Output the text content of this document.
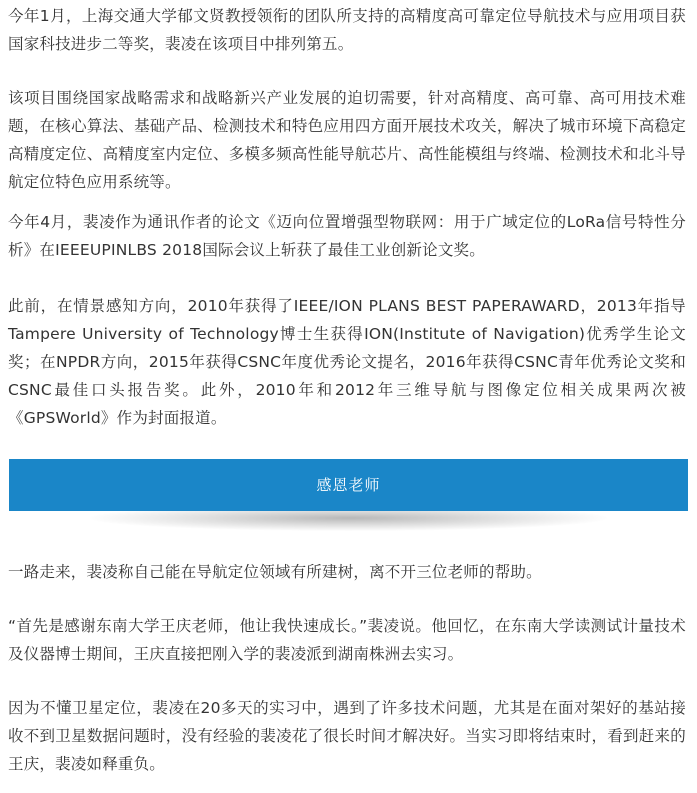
今年1月，上海交通大学郁文贤教授领衔的团队所支持的高精度高可靠定位导航技术与应用项目获国家科技进步二等奖，裴凌在该项目中排列第五。

该项目围绕国家战略需求和战略新兴产业发展的迫切需要，针对高精度、高可靠、高可用技术难题，在核心算法、基础产品、检测技术和特色应用四方面开展技术攻关，解决了城市环境下高稳定高精度定位、高精度室内定位、多模多频高性能导航芯片、高性能模组与终端、检测技术和北斗导航定位特色应用系统等。

今年4月，裴凌作为通讯作者的论文《迈向位置增强型物联网：用于广域定位的LoRa信号特性分析》在IEEEUPINLBS 2018国际会议上斩获了最佳工业创新论文奖。

此前，在情景感知方向，2010年获得了IEEE/ION PLANS BEST PAPERAWARD，2013年指导Tampere University of Technology博士生获得ION(Institute of Navigation)优秀学生论文奖；在NPDR方向，2015年获得CSNC年度优秀论文提名，2016年获得CSNC青年优秀论文奖和CSNC最佳口头报告奖。此外，2010年和2012年三维导航与图像定位相关成果两次被《GPSWorld》作为封面报道。

感恩老师

一路走来，裴凌称自己能在导航定位领域有所建树，离不开三位老师的帮助。

“首先是感谢东南大学王庆老师，他让我快速成长。”裴凌说。他回忆，在东南大学读测试计量技术及仪器博士期间，王庆直接把刚入学的裴凌派到湖南株洲去实习。

因为不懂卫星定位，裴凌在20多天的实习中，遇到了许多技术问题，尤其是在面对架好的基站接收不到卫星数据问题时，没有经验的裴凌花了很长时间才解决好。当实习即将结束时，看到赶来的王庆，裴凌如释重负。
